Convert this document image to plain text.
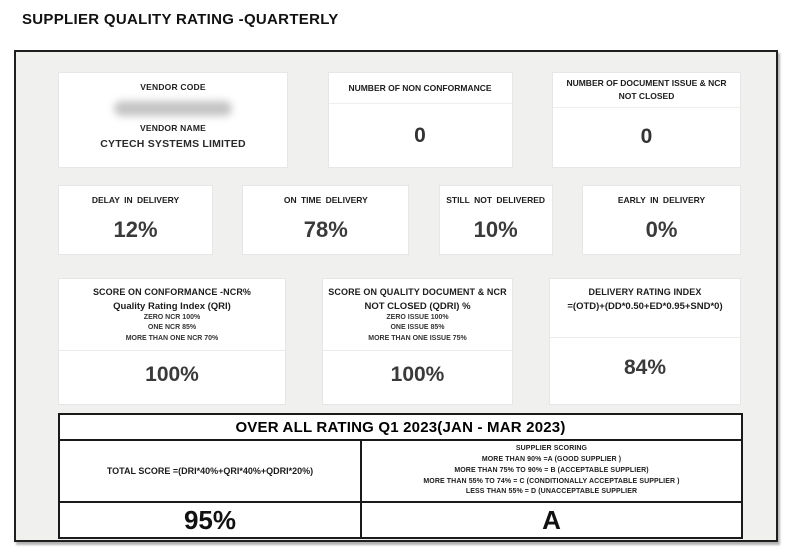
SUPPLIER QUALITY RATING -QUARTERLY
VENDOR CODE
VENDOR NAME
CYTECH SYSTEMS LIMITED
NUMBER OF NON CONFORMANCE
0
NUMBER OF DOCUMENT ISSUE & NCR NOT CLOSED
0
DELAY IN DELIVERY
12%
ON TIME DELIVERY
78%
STILL NOT DELIVERED
10%
EARLY IN DELIVERY
0%
SCORE ON CONFORMANCE -NCR%
Quality Rating Index (QRI)
ZERO NCR 100%
ONE NCR 85%
MORE THAN ONE NCR 70%
100%
SCORE ON QUALITY DOCUMENT & NCR
NOT CLOSED (QDRI) %
ZERO ISSUE 100%
ONE ISSUE 85%
MORE THAN ONE ISSUE 75%
100%
DELIVERY RATING INDEX
=(OTD)+(DD*0.50+ED*0.95+SND*0)
84%
OVER ALL RATING Q1 2023(JAN - MAR 2023)	
TOTAL SCORE =(DRI*40%+QRI*40%+QDRI*20%)	SUPPLIER SCORING
MORE THAN 90% =A (GOOD SUPPLIER )
MORE THAN 75% TO 90% = B (ACCEPTABLE SUPPLIER)
MORE THAN 55% TO 74% = C (CONDITIONALLY ACCEPTABLE SUPPLIER )
LESS THAN 55% = D (UNACCEPTABLE SUPPLIER

95%	A
